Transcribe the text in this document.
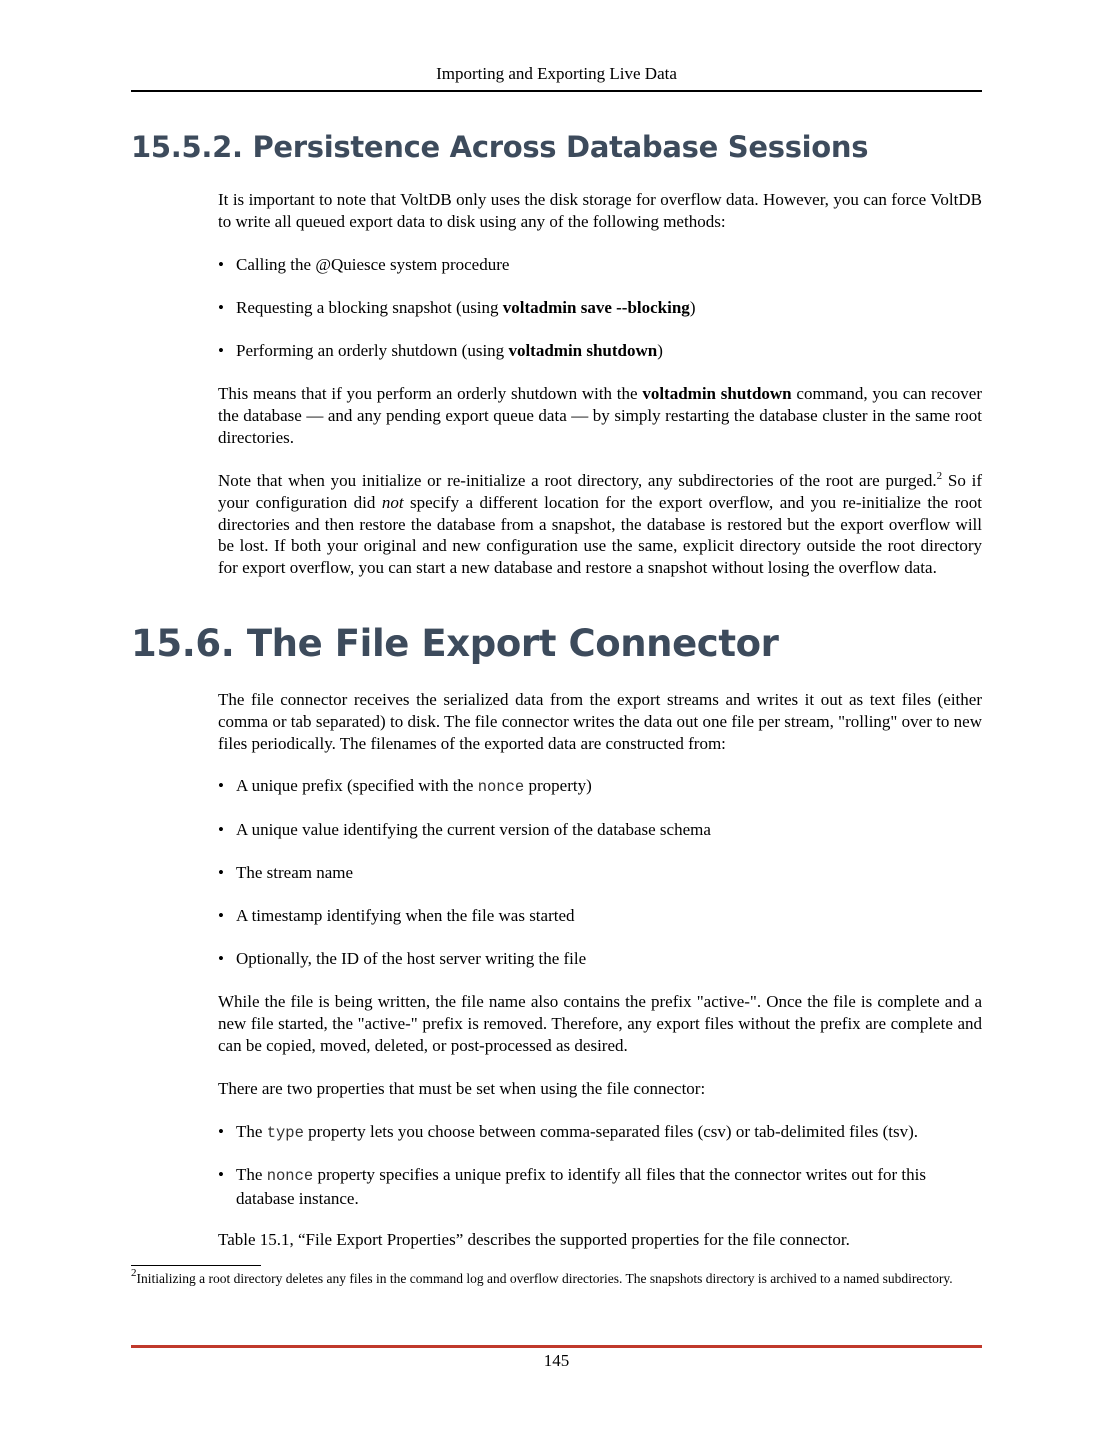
Importing and Exporting Live Data
15.5.2. Persistence Across Database Sessions

It is important to note that VoltDB only uses the disk storage for overflow data. However, you can force VoltDB to write all queued export data to disk using any of the following methods:

• Calling the @Quiesce system procedure
• Requesting a blocking snapshot (using voltadmin save --blocking)
• Performing an orderly shutdown (using voltadmin shutdown)

This means that if you perform an orderly shutdown with the voltadmin shutdown command, you can recover the database — and any pending export queue data — by simply restarting the database cluster in the same root directories.

Note that when you initialize or re-initialize a root directory, any subdirectories of the root are purged.$^2$ So if your configuration did not specify a different location for the export overflow, and you re-initialize the root directories and then restore the database from a snapshot, the database is restored but the export overflow will be lost. If both your original and new configuration use the same, explicit directory outside the root directory for export overflow, you can start a new database and restore a snapshot without losing the overflow data.

15.6. The File Export Connector

The file connector receives the serialized data from the export streams and writes it out as text files (either comma or tab separated) to disk. The file connector writes the data out one file per stream, "rolling" over to new files periodically. The filenames of the exported data are constructed from:

• A unique prefix (specified with the nonce property)
• A unique value identifying the current version of the database schema
• The stream name
• A timestamp identifying when the file was started
• Optionally, the ID of the host server writing the file

While the file is being written, the file name also contains the prefix "active-". Once the file is complete and a new file started, the "active-" prefix is removed. Therefore, any export files without the prefix are complete and can be copied, moved, deleted, or post-processed as desired.

There are two properties that must be set when using the file connector:

• The type property lets you choose between comma-separated files (csv) or tab-delimited files (tsv).
• The nonce property specifies a unique prefix to identify all files that the connector writes out for this database instance.

Table 15.1, “File Export Properties” describes the supported properties for the file connector.

$^2$Initializing a root directory deletes any files in the command log and overflow directories. The snapshots directory is archived to a named subdirectory.

145
